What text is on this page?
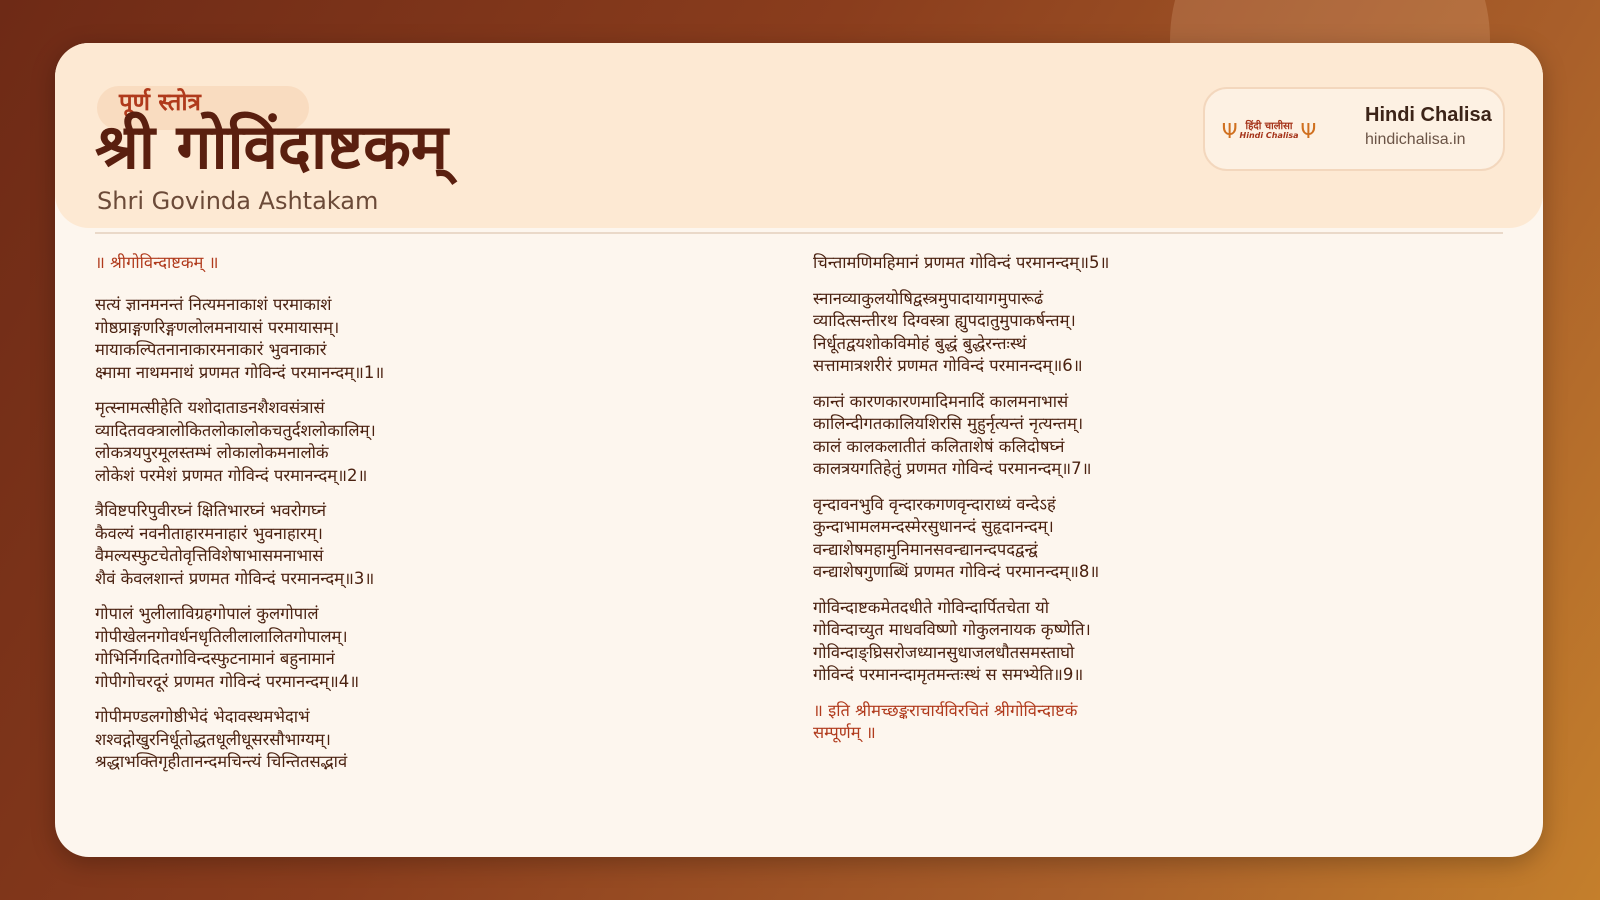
पूर्ण स्तोत्र
श्री गोविंदाष्टकम्
Shri Govinda Ashtakam
Ψ हिंदी चालीसा
Hindi Chalisa Ψ
Hindi Chalisa
hindichalisa.in
॥ श्रीगोविन्दाष्टकम् ॥
सत्यं ज्ञानमनन्तं नित्यमनाकाशं परमाकाशं
गोष्ठप्राङ्गणरिङ्गणलोलमनायासं परमायासम्।
मायाकल्पितनानाकारमनाकारं भुवनाकारं
क्ष्मामा नाथमनाथं प्रणमत गोविन्दं परमानन्दम्॥1॥
मृत्स्नामत्सीहेति यशोदाताडनशैशवसंत्रासं
व्यादितवक्त्रालोकितलोकालोकचतुर्दशलोकालिम्।
लोकत्रयपुरमूलस्तम्भं लोकालोकमनालोकं
लोकेशं परमेशं प्रणमत गोविन्दं परमानन्दम्॥2॥
त्रैविष्टपरिपुवीरघ्नं क्षितिभारघ्नं भवरोगघ्नं
कैवल्यं नवनीताहारमनाहारं भुवनाहारम्।
वैमल्यस्फुटचेतोवृत्तिविशेषाभासमनाभासं
शैवं केवलशान्तं प्रणमत गोविन्दं परमानन्दम्॥3॥
गोपालं भुलीलाविग्रहगोपालं कुलगोपालं
गोपीखेलनगोवर्धनधृतिलीलालालितगोपालम्।
गोभिर्निगदितगोविन्दस्फुटनामानं बहुनामानं
गोपीगोचरदूरं प्रणमत गोविन्दं परमानन्दम्॥4॥
गोपीमण्डलगोष्ठीभेदं भेदावस्थमभेदाभं
शश्वद्गोखुरनिर्धूतोद्धतधूलीधूसरसौभाग्यम्।
श्रद्धाभक्तिगृहीतानन्दमचिन्त्यं चिन्तितसद्भावं
चिन्तामणिमहिमानं प्रणमत गोविन्दं परमानन्दम्॥5॥
स्नानव्याकुलयोषिद्वस्त्रमुपादायागमुपारूढं
व्यादित्सन्तीरथ दिग्वस्त्रा ह्युपदातुमुपाकर्षन्तम्।
निर्धूतद्वयशोकविमोहं बुद्धं बुद्धेरन्तःस्थं
सत्तामात्रशरीरं प्रणमत गोविन्दं परमानन्दम्॥6॥
कान्तं कारणकारणमादिमनादिं कालमनाभासं
कालिन्दीगतकालियशिरसि मुहुर्नृत्यन्तं नृत्यन्तम्।
कालं कालकलातीतं कलिताशेषं कलिदोषघ्नं
कालत्रयगतिहेतुं प्रणमत गोविन्दं परमानन्दम्॥7॥
वृन्दावनभुवि वृन्दारकगणवृन्दाराध्यं वन्देऽहं
कुन्दाभामलमन्दस्मेरसुधानन्दं सुहृदानन्दम्।
वन्द्याशेषमहामुनिमानसवन्द्यानन्दपदद्वन्द्वं
वन्द्याशेषगुणाब्धिं प्रणमत गोविन्दं परमानन्दम्॥8॥
गोविन्दाष्टकमेतदधीते गोविन्दार्पितचेता यो
गोविन्दाच्युत माधवविष्णो गोकुलनायक कृष्णेति।
गोविन्दाङ्घ्रिसरोजध्यानसुधाजलधौतसमस्ताघो
गोविन्दं परमानन्दामृतमन्तःस्थं स समभ्येति॥9॥
॥ इति श्रीमच्छङ्कराचार्यविरचितं श्रीगोविन्दाष्टकं
सम्पूर्णम् ॥
